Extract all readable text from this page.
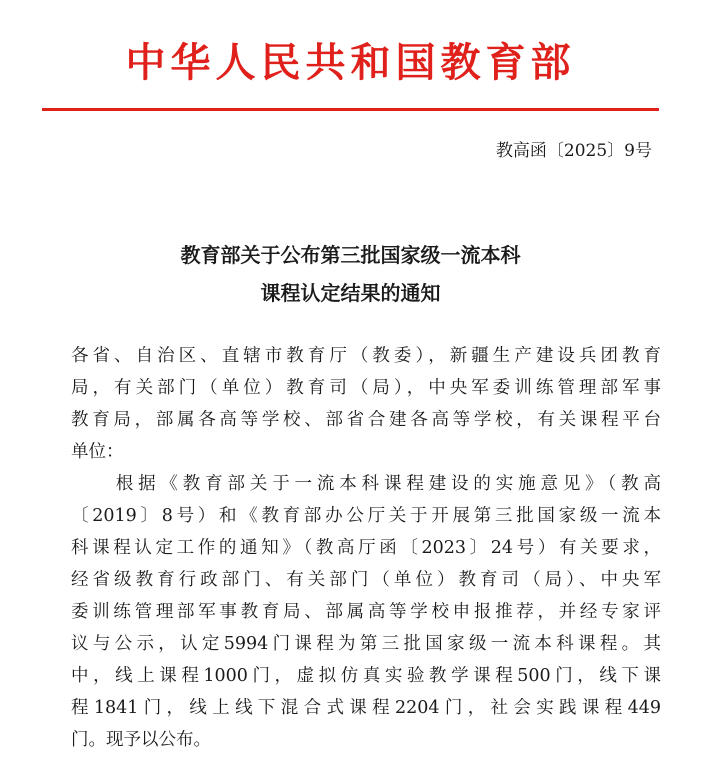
中华人民共和国教育部
教高函〔2025〕9号
教育部关于公布第三批国家级一流本科
课程认定结果的通知
各省、自治区、直辖市教育厅（教委），新疆生产建设兵团教育
局，有关部门（单位）教育司（局），中央军委训练管理部军事
教育局，部属各高等学校、部省合建各高等学校，有关课程平台
单位：
　　根据《教育部关于一流本科课程建设的实施意见》（教高
〔2019〕8号）和《教育部办公厅关于开展第三批国家级一流本
科课程认定工作的通知》（教高厅函〔2023〕24号）有关要求，
经省级教育行政部门、有关部门（单位）教育司（局）、中央军
委训练管理部军事教育局、部属高等学校申报推荐，并经专家评
议与公示，认定5994门课程为第三批国家级一流本科课程。其
中，线上课程1000门，虚拟仿真实验教学课程500门，线下课
程1841门，线上线下混合式课程2204门，社会实践课程449
门。现予以公布。
